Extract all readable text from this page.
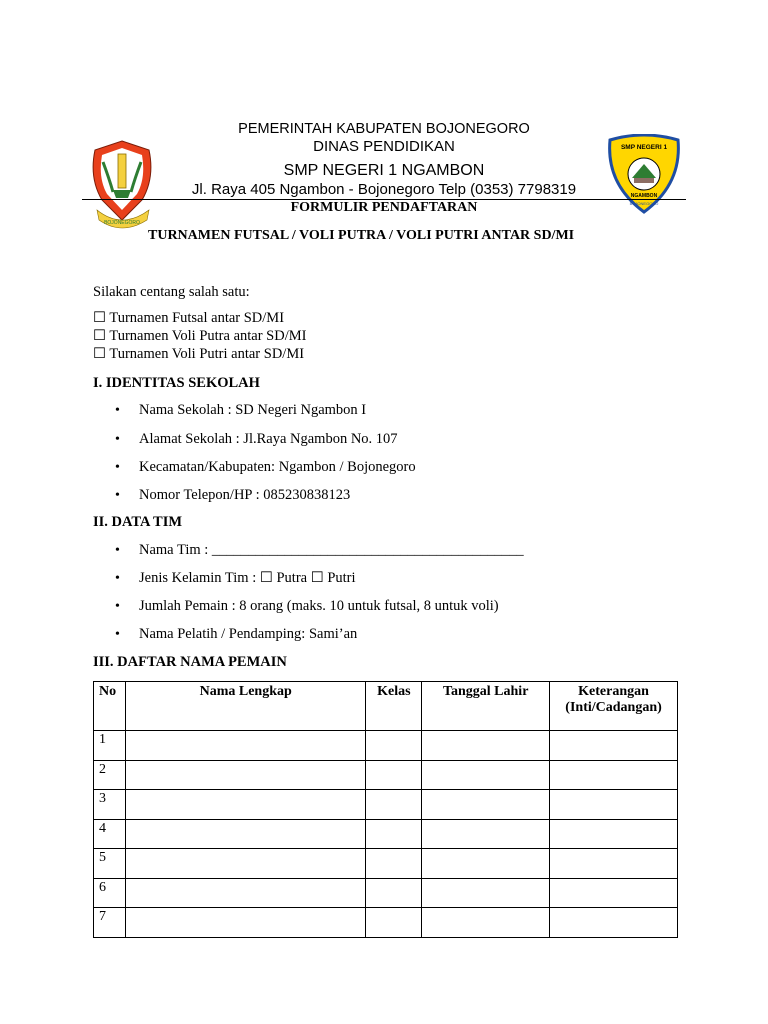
BOJONEGORO
SMP NEGERI 1
NGAMBON
BOJONEGORO
PEMERINTAH KABUPATEN BOJONEGORO
DINAS PENDIDIKAN
SMP NEGERI 1 NGAMBON
Jl. Raya 405 Ngambon - Bojonegoro Telp (0353) 7798319
FORMULIR PENDAFTARAN
TURNAMEN FUTSAL / VOLI PUTRA / VOLI PUTRI ANTAR SD/MI
Silakan centang salah satu:
☐ Turnamen Futsal antar SD/MI
☐ Turnamen Voli Putra antar SD/MI
☐ Turnamen Voli Putri antar SD/MI
I. IDENTITAS SEKOLAH
• Nama Sekolah : SD Negeri Ngambon I
• Alamat Sekolah : Jl.Raya Ngambon No. 107
• Kecamatan/Kabupaten: Ngambon / Bojonegoro
• Nomor Telepon/HP : 085230838123
II. DATA TIM
• Nama Tim : ___________________________________________
• Jenis Kelamin Tim : ☐ Putra ☐ Putri
• Jumlah Pemain : 8 orang (maks. 10 untuk futsal, 8 untuk voli)
• Nama Pelatih / Pendamping: Sami’an
III. DAFTAR NAMA PEMAIN
No	Nama Lengkap	Kelas	Tanggal Lahir	Keterangan (Inti/Cadangan)
1				
2				
3				
4				
5				
6				
7				
